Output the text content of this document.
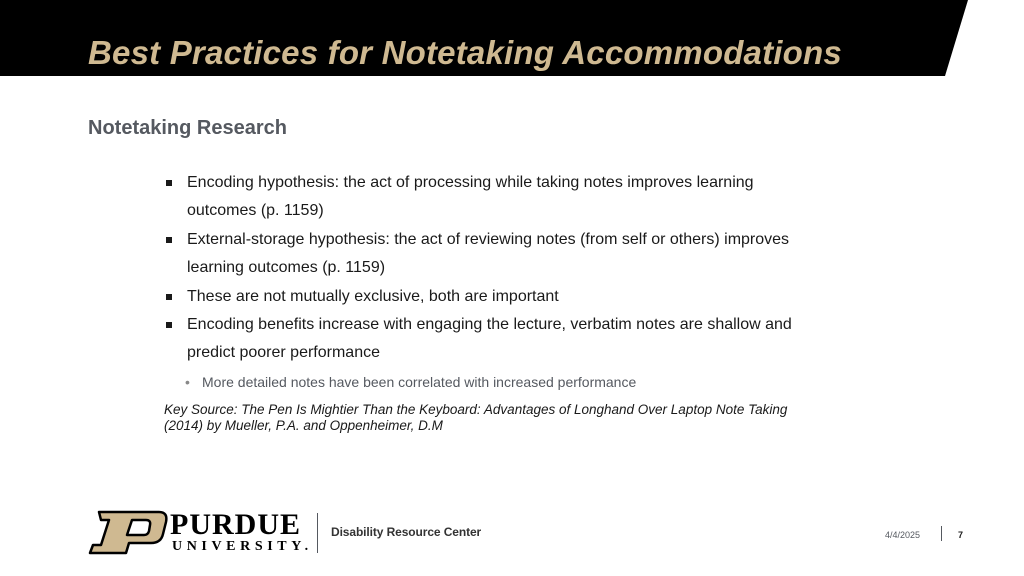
Best Practices for Notetaking Accommodations
Notetaking Research
Encoding hypothesis: the act of processing while taking notes improves learning outcomes (p. 1159)
External-storage hypothesis: the act of reviewing notes (from self or others) improves learning outcomes (p. 1159)
These are not mutually exclusive, both are important
Encoding benefits increase with engaging the lecture, verbatim notes are shallow and predict poorer performance
• More detailed notes have been correlated with increased performance
Key Source: The Pen Is Mightier Than the Keyboard: Advantages of Longhand Over Laptop Note Taking (2014) by Mueller, P.A. and Oppenheimer, D.M
PURDUE
UNIVERSITY.
Disability Resource Center	4/4/2025	7
